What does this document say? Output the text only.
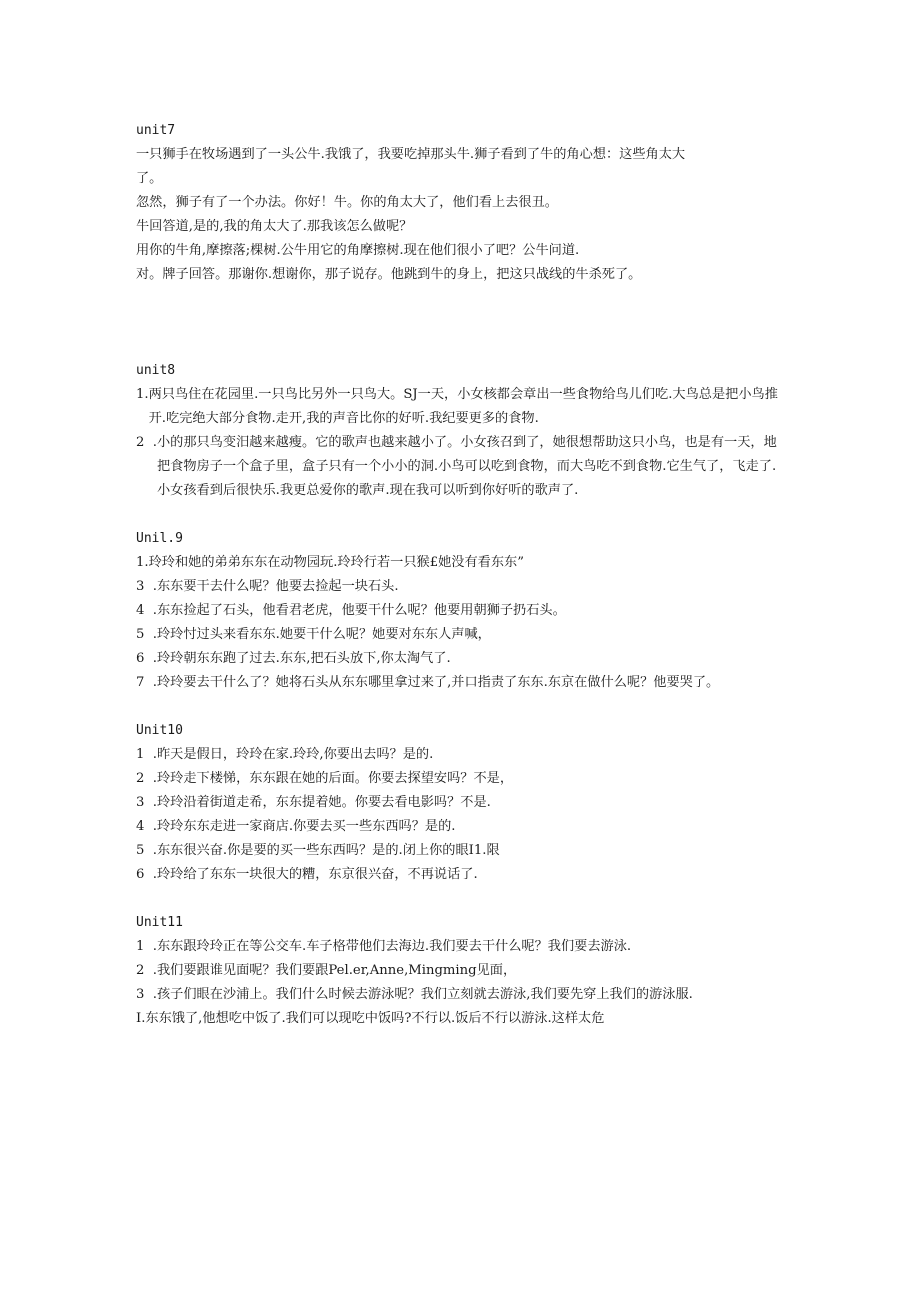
unit7

一只狮手在牧场遇到了一头公牛.我饿了，我要吃掉那头牛.狮子看到了牛的角心想：这些角太大

了。

忽然，狮子有了一个办法。你好！牛。你的角太大了，他们看上去很丑。

牛回答道,是的,我的角太大了.那我该怎么做呢？

用你的牛角,摩擦落;棵树.公牛用它的角摩擦树.现在他们很小了吧？公牛问道.

对。牌子回答。那谢你.想谢你，那子说存。他跳到牛的身上，把这只战线的牛杀死了。

unit8

1. 两只鸟住在花园里.一只鸟比另外一只鸟大。SJ一天，小女核都会章出一些食物给鸟儿们吃.大鸟总是把小鸟推开.吃完绝大部分食物.走开,我的声音比你的好听.我纪要更多的食物.
2  . 小的那只鸟变汨越来越瘦。它的歌声也越来越小了。小女孩召到了，她很想帮助这只小鸟，也是有一天，地把食物房子一个盒子里，盒子只有一个小小的洞.小鸟可以吃到食物，而大鸟吃不到食物.它生气了，飞走了.小女孩看到后很快乐.我更总爱你的歌声.现在我可以听到你好听的歌声了.

Unil.9

1. 玲玲和她的弟弟东东在动物园玩.玲玲行若一只猴£她没有看东东”
3  . 东东要干去什么呢？他要去捡起一块石头.
4  . 东东捡起了石头，他看君老虎，他要干什么呢？他要用朝狮子扔石头。
5  . 玲玲忖过头来看东东.她要干什么呢？她要对东东人声喊，
6  . 玲玲朝东东跑了过去.东东,把石头放下,你太淘气了.
7  . 玲玲要去干什么了？她将石头从东东哪里拿过来了,并口指责了东东.东京在做什么呢？他要哭了。

Unit10

1  . 昨天是假日，玲玲在家.玲玲,你要出去吗？是的.
2  . 玲玲走下楼悌，东东跟在她的后面。你要去探望安吗？不是，
3  . 玲玲沿着街道走希，东东提着她。你要去看电影吗？不是.
4  . 玲玲东东走进一家商店.你要去买一些东西吗？是的.
5  . 东东很兴奋.你是要的买一些东西吗？是的.闭上你的眼I1.限
6  . 玲玲给了东东一块很大的糟，东京很兴奋，不再说话了.

Unit11

1  . 东东跟玲玲正在等公交车.车子格带他们去海边.我们要去干什么呢？我们要去游泳.
2  . 我们要跟谁见面呢？我们要跟Pel.er,Anne,Mingming见面，
3  . 孩子们眼在沙浦上。我们什么时候去游泳呢？我们立刻就去游泳,我们要先穿上我们的游泳服.

I.东东饿了,他想吃中饭了.我们可以现吃中饭吗?不行以.饭后不行以游泳.这样太危
